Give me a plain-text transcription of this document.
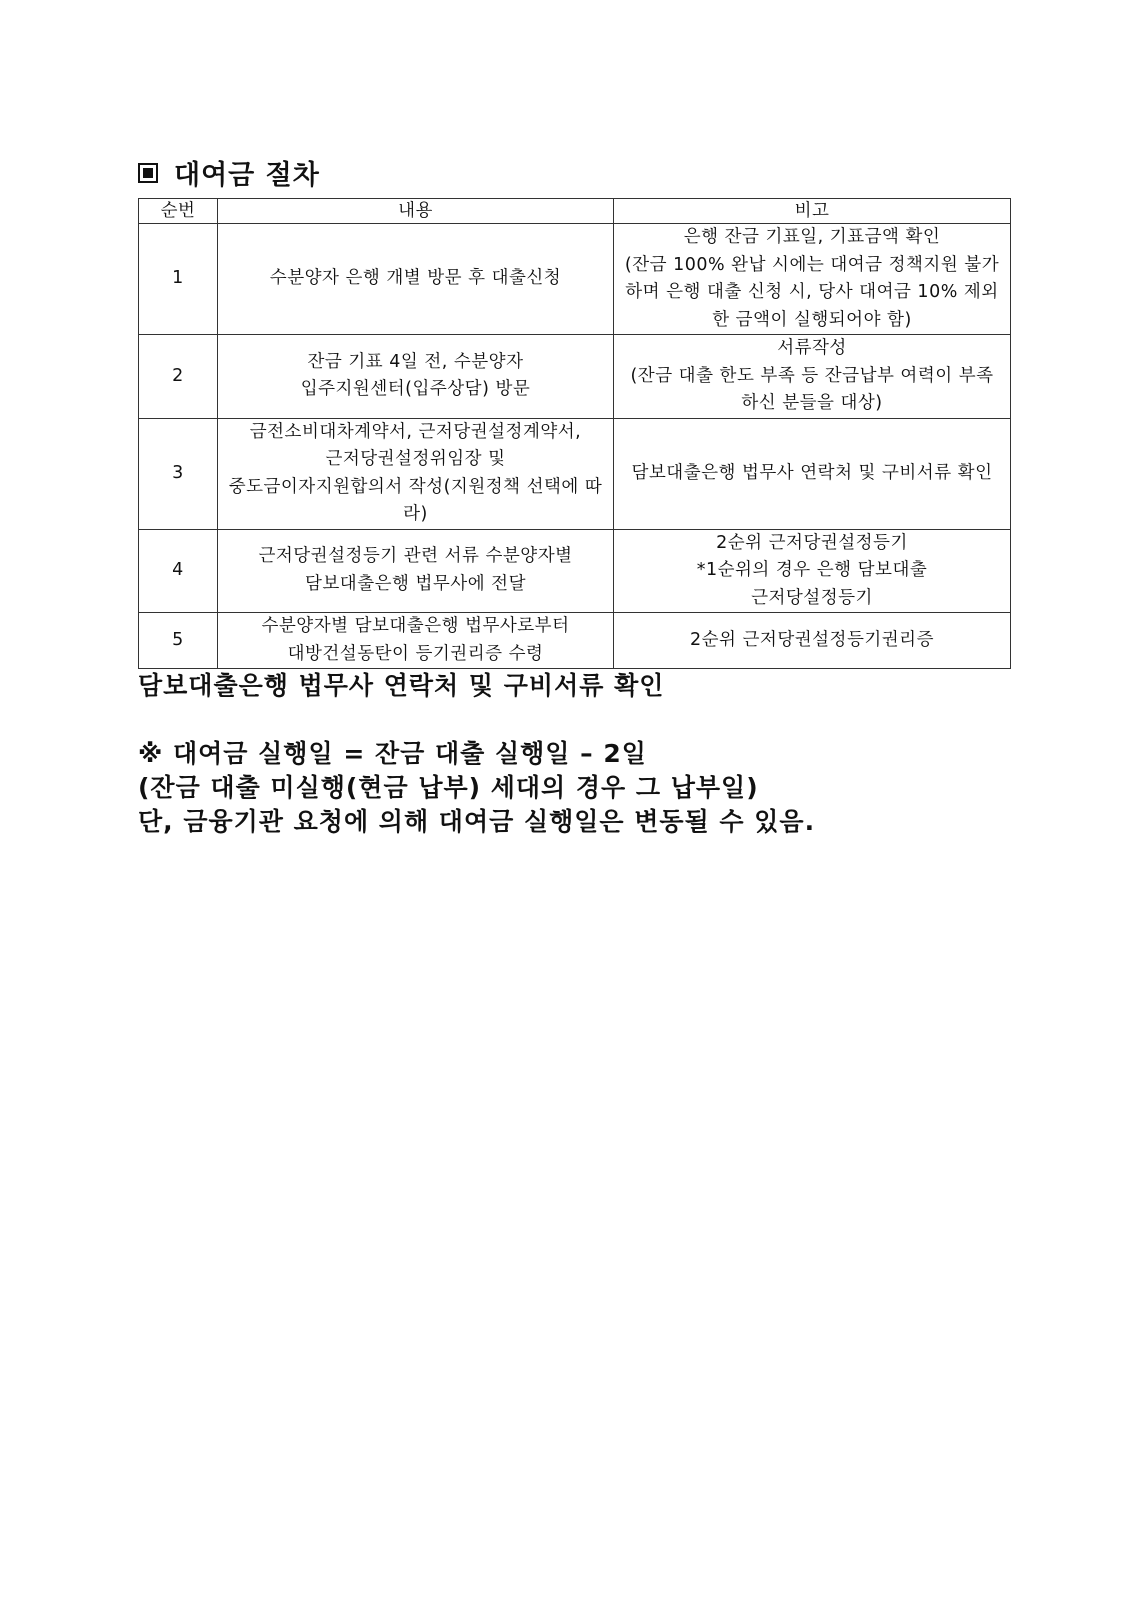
대여금 절차
순번	내용	비고
1	수분양자 은행 개별 방문 후 대출신청	은행 잔금 기표일, 기표금액 확인
(잔금 100% 완납 시에는 대여금 정책지원 불가하며 은행 대출 신청 시, 당사 대여금 10% 제외한 금액이 실행되어야 함)
2	잔금 기표 4일 전, 수분양자
입주지원센터(입주상담) 방문	서류작성
(잔금 대출 한도 부족 등 잔금납부 여력이 부족하신 분들을 대상)
3	금전소비대차계약서, 근저당권설정계약서,
근저당권설정위임장 및
중도금이자지원합의서 작성(지원정책 선택에 따라)	담보대출은행 법무사 연락처 및 구비서류 확인
4	근저당권설정등기 관련 서류 수분양자별
담보대출은행 법무사에 전달	2순위 근저당권설정등기
*1순위의 경우 은행 담보대출
근저당설정등기
5	수분양자별 담보대출은행 법무사로부터
대방건설동탄이 등기권리증 수령	2순위 근저당권설정등기권리증
담보대출은행 법무사 연락처 및 구비서류 확인
※ 대여금 실행일 = 잔금 대출 실행일 – 2일
(잔금 대출 미실행(현금 납부) 세대의 경우 그 납부일)
단, 금융기관 요청에 의해 대여금 실행일은 변동될 수 있음.
